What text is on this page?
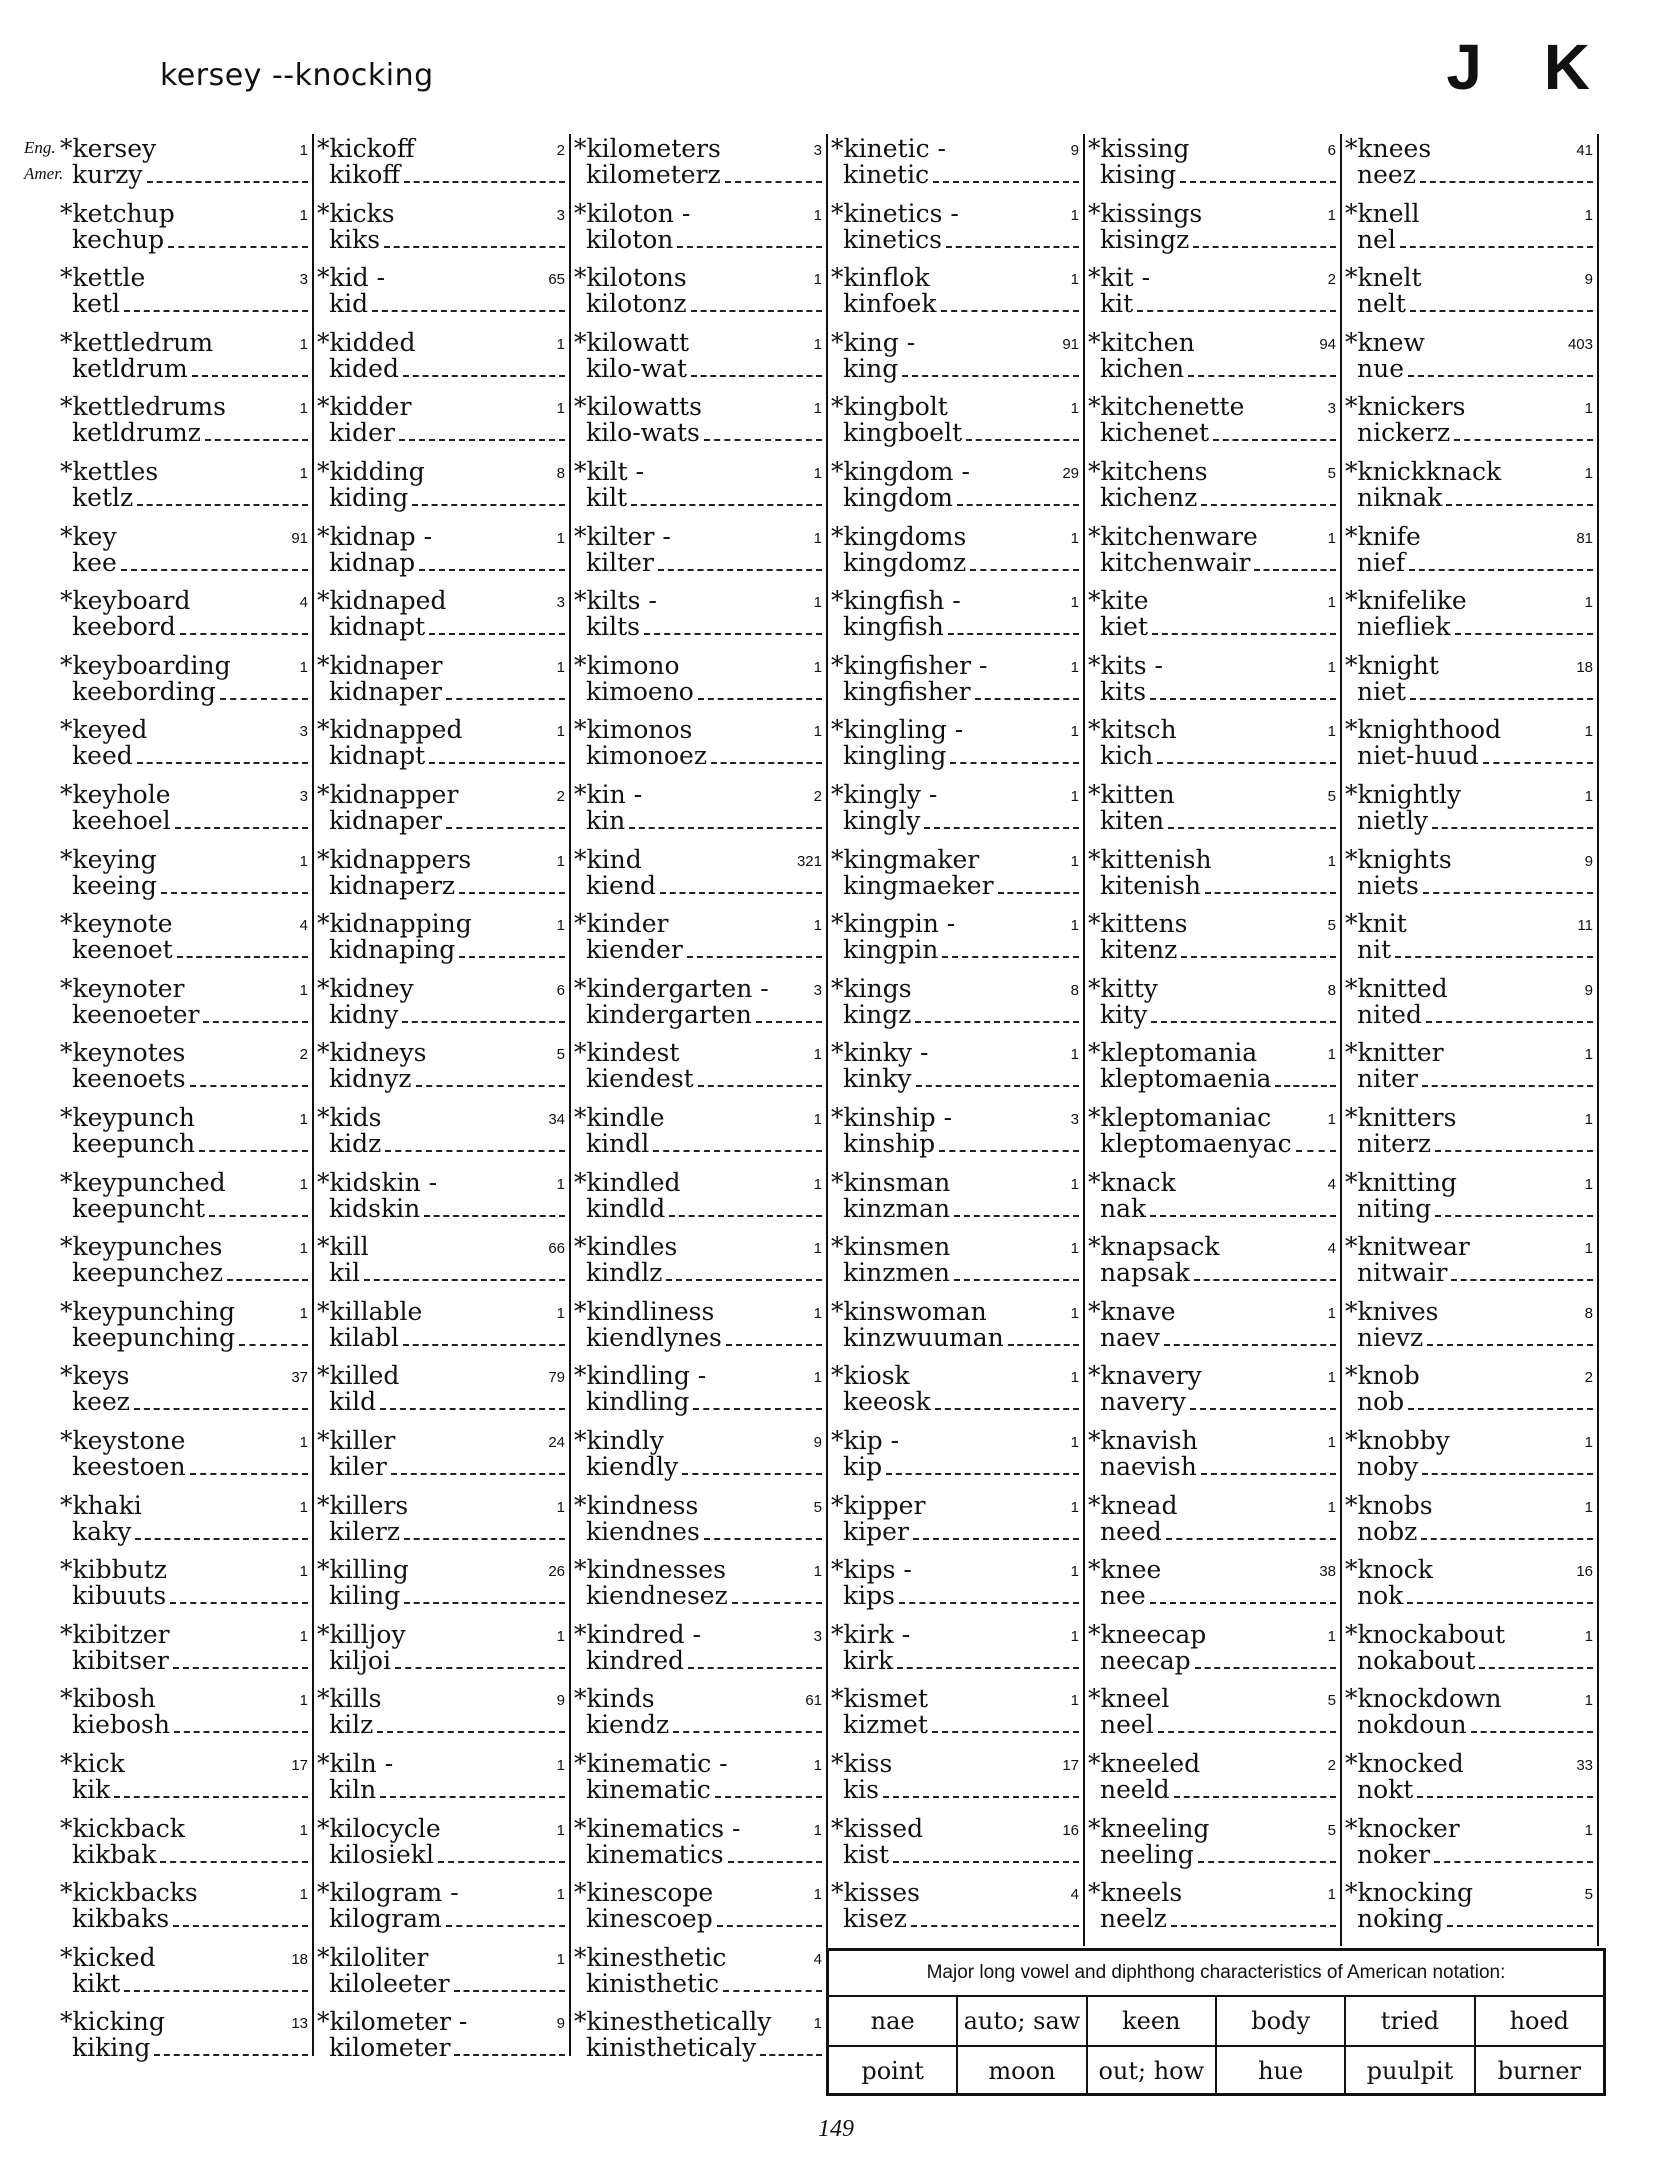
kersey --knocking	J K
Eng.
Amer.
*kersey	1
kurzy
*ketchup	1
kechup
*kettle	3
ketl
*kettledrum	1
ketldrum
*kettledrums	1
ketldrumz
*kettles	1
ketlz
*key	91
kee
*keyboard	4
keebord
*keyboarding	1
keebording
*keyed	3
keed
*keyhole	3
keehoel
*keying	1
keeing
*keynote	4
keenoet
*keynoter	1
keenoeter
*keynotes	2
keenoets
*keypunch	1
keepunch
*keypunched	1
keepuncht
*keypunches	1
keepunchez
*keypunching	1
keepunching
*keys	37
keez
*keystone	1
keestoen
*khaki	1
kaky
*kibbutz	1
kibuuts
*kibitzer	1
kibitser
*kibosh	1
kiebosh
*kick	17
kik
*kickback	1
kikbak
*kickbacks	1
kikbaks
*kicked	18
kikt
*kicking	13
kiking
*kickoff	2
kikoff
*kicks	3
kiks
*kid -	65
kid
*kidded	1
kided
*kidder	1
kider
*kidding	8
kiding
*kidnap -	1
kidnap
*kidnaped	3
kidnapt
*kidnaper	1
kidnaper
*kidnapped	1
kidnapt
*kidnapper	2
kidnaper
*kidnappers	1
kidnaperz
*kidnapping	1
kidnaping
*kidney	6
kidny
*kidneys	5
kidnyz
*kids	34
kidz
*kidskin -	1
kidskin
*kill	66
kil
*killable	1
kilabl
*killed	79
kild
*killer	24
kiler
*killers	1
kilerz
*killing	26
kiling
*killjoy	1
kiljoi
*kills	9
kilz
*kiln -	1
kiln
*kilocycle	1
kilosiekl
*kilogram -	1
kilogram
*kiloliter	1
kiloleeter
*kilometer -	9
kilometer
*kilometers	3
kilometerz
*kiloton -	1
kiloton
*kilotons	1
kilotonz
*kilowatt	1
kilo-wat
*kilowatts	1
kilo-wats
*kilt -	1
kilt
*kilter -	1
kilter
*kilts -	1
kilts
*kimono	1
kimoeno
*kimonos	1
kimonoez
*kin -	2
kin
*kind	321
kiend
*kinder	1
kiender
*kindergarten -	3
kindergarten
*kindest	1
kiendest
*kindle	1
kindl
*kindled	1
kindld
*kindles	1
kindlz
*kindliness	1
kiendlynes
*kindling -	1
kindling
*kindly	9
kiendly
*kindness	5
kiendnes
*kindnesses	1
kiendnesez
*kindred -	3
kindred
*kinds	61
kiendz
*kinematic -	1
kinematic
*kinematics -	1
kinematics
*kinescope	1
kinescoep
*kinesthetic	4
kinisthetic
*kinesthetically	1
kinistheticaly
*kinetic -	9
kinetic
*kinetics -	1
kinetics
*kinflok	1
kinfoek
*king -	91
king
*kingbolt	1
kingboelt
*kingdom -	29
kingdom
*kingdoms	1
kingdomz
*kingfish -	1
kingfish
*kingfisher -	1
kingfisher
*kingling -	1
kingling
*kingly -	1
kingly
*kingmaker	1
kingmaeker
*kingpin -	1
kingpin
*kings	8
kingz
*kinky -	1
kinky
*kinship -	3
kinship
*kinsman	1
kinzman
*kinsmen	1
kinzmen
*kinswoman	1
kinzwuuman
*kiosk	1
keeosk
*kip -	1
kip
*kipper	1
kiper
*kips -	1
kips
*kirk -	1
kirk
*kismet	1
kizmet
*kiss	17
kis
*kissed	16
kist
*kisses	4
kisez
*kissing	6
kising
*kissings	1
kisingz
*kit -	2
kit
*kitchen	94
kichen
*kitchenette	3
kichenet
*kitchens	5
kichenz
*kitchenware	1
kitchenwair
*kite	1
kiet
*kits -	1
kits
*kitsch	1
kich
*kitten	5
kiten
*kittenish	1
kitenish
*kittens	5
kitenz
*kitty	8
kity
*kleptomania	1
kleptomaenia
*kleptomaniac	1
kleptomaenyac
*knack	4
nak
*knapsack	4
napsak
*knave	1
naev
*knavery	1
navery
*knavish	1
naevish
*knead	1
need
*knee	38
nee
*kneecap	1
neecap
*kneel	5
neel
*kneeled	2
neeld
*kneeling	5
neeling
*kneels	1
neelz
*knees	41
neez
*knell	1
nel
*knelt	9
nelt
*knew	403
nue
*knickers	1
nickerz
*knickknack	1
niknak
*knife	81
nief
*knifelike	1
niefliek
*knight	18
niet
*knighthood	1
niet-huud
*knightly	1
nietly
*knights	9
niets
*knit	11
nit
*knitted	9
nited
*knitter	1
niter
*knitters	1
niterz
*knitting	1
niting
*knitwear	1
nitwair
*knives	8
nievz
*knob	2
nob
*knobby	1
noby
*knobs	1
nobz
*knock	16
nok
*knockabout	1
nokabout
*knockdown	1
nokdoun
*knocked	33
nokt
*knocker	1
noker
*knocking	5
noking
Major long vowel and diphthong characteristics of American notation:
nae	auto; saw	keen	body	tried	hoed
point	moon	out; how	hue	puulpit	burner
149
